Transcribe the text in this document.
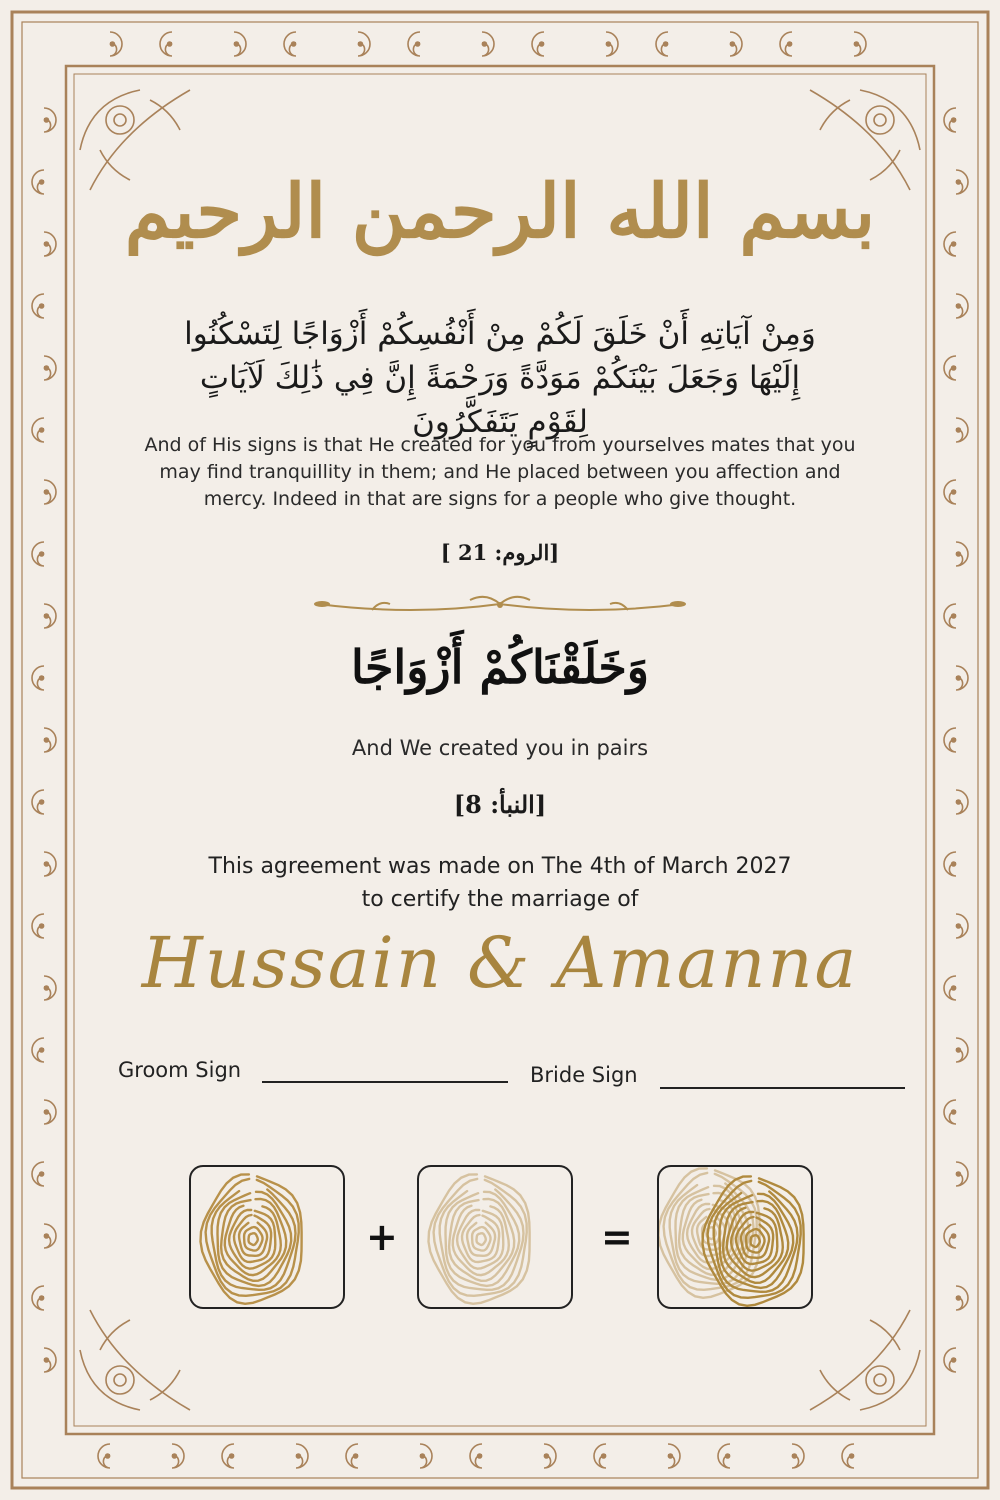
بسم الله الرحمن الرحيم
وَمِنْ آيَاتِهِ أَنْ خَلَقَ لَكُمْ مِنْ أَنْفُسِكُمْ أَزْوَاجًا لِتَسْكُنُوا إِلَيْهَا وَجَعَلَ بَيْنَكُمْ مَوَدَّةً وَرَحْمَةً إِنَّ فِي ذَٰلِكَ لَآيَاتٍ لِقَوْمٍ يَتَفَكَّرُونَ
And of His signs is that He created for you from yourselves mates that you may find tranquillity in them; and He placed between you affection and mercy. Indeed in that are signs for a people who give thought.
[الروم: 21 ]
وَخَلَقْنَاكُمْ أَزْوَاجًا
And We created you in pairs
[النبأ: 8]
This agreement was made on The 4th of March 2027
to certify the marriage of
Hussain & Amanna
Groom Sign	Bride Sign
+	=
